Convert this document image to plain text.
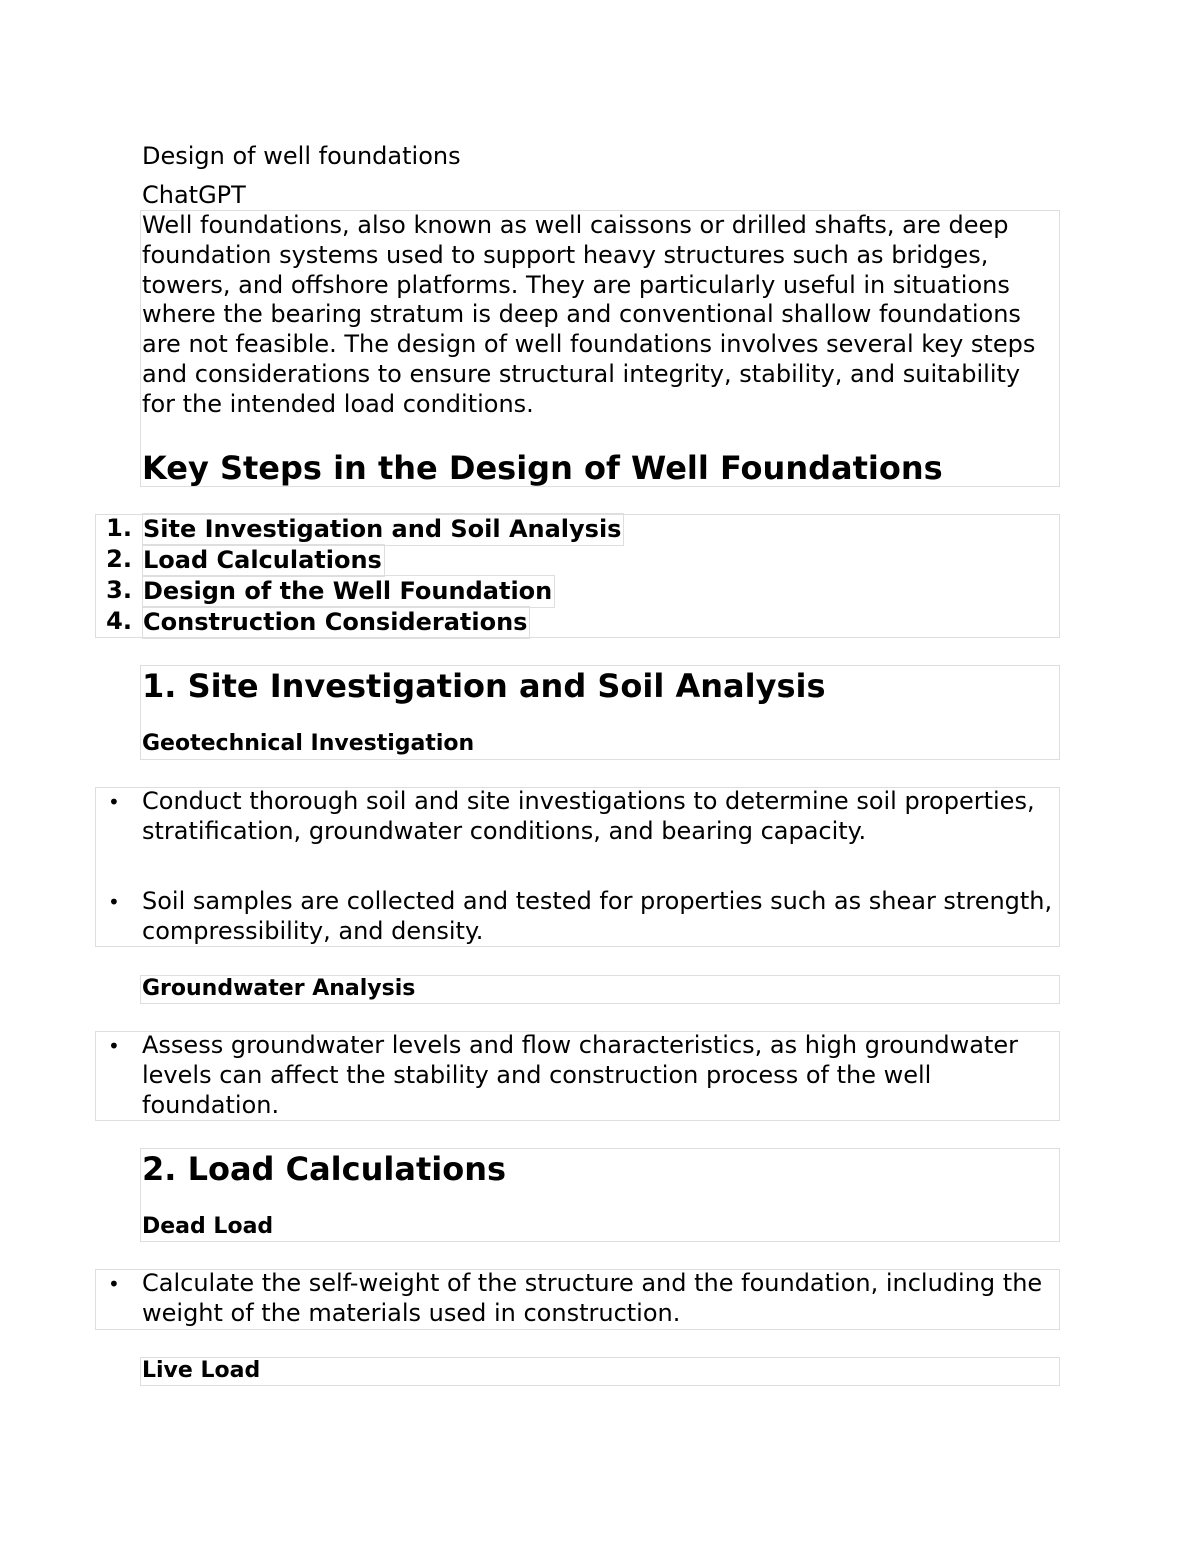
Design of well foundations
ChatGPT
Well foundations, also known as well caissons or drilled shafts, are deep foundation systems used to support heavy structures such as bridges, towers, and offshore platforms. They are particularly useful in situations where the bearing stratum is deep and conventional shallow foundations are not feasible. The design of well foundations involves several key steps and considerations to ensure structural integrity, stability, and suitability for the intended load conditions.
Key Steps in the Design of Well Foundations
1. Site Investigation and Soil Analysis
2. Load Calculations
3. Design of the Well Foundation
4. Construction Considerations
1. Site Investigation and Soil Analysis
Geotechnical Investigation
• Conduct thorough soil and site investigations to determine soil properties, stratification, groundwater conditions, and bearing capacity.
• Soil samples are collected and tested for properties such as shear strength, compressibility, and density.
Groundwater Analysis
• Assess groundwater levels and flow characteristics, as high groundwater levels can affect the stability and construction process of the well foundation.
2. Load Calculations
Dead Load
• Calculate the self-weight of the structure and the foundation, including the weight of the materials used in construction.
Live Load
